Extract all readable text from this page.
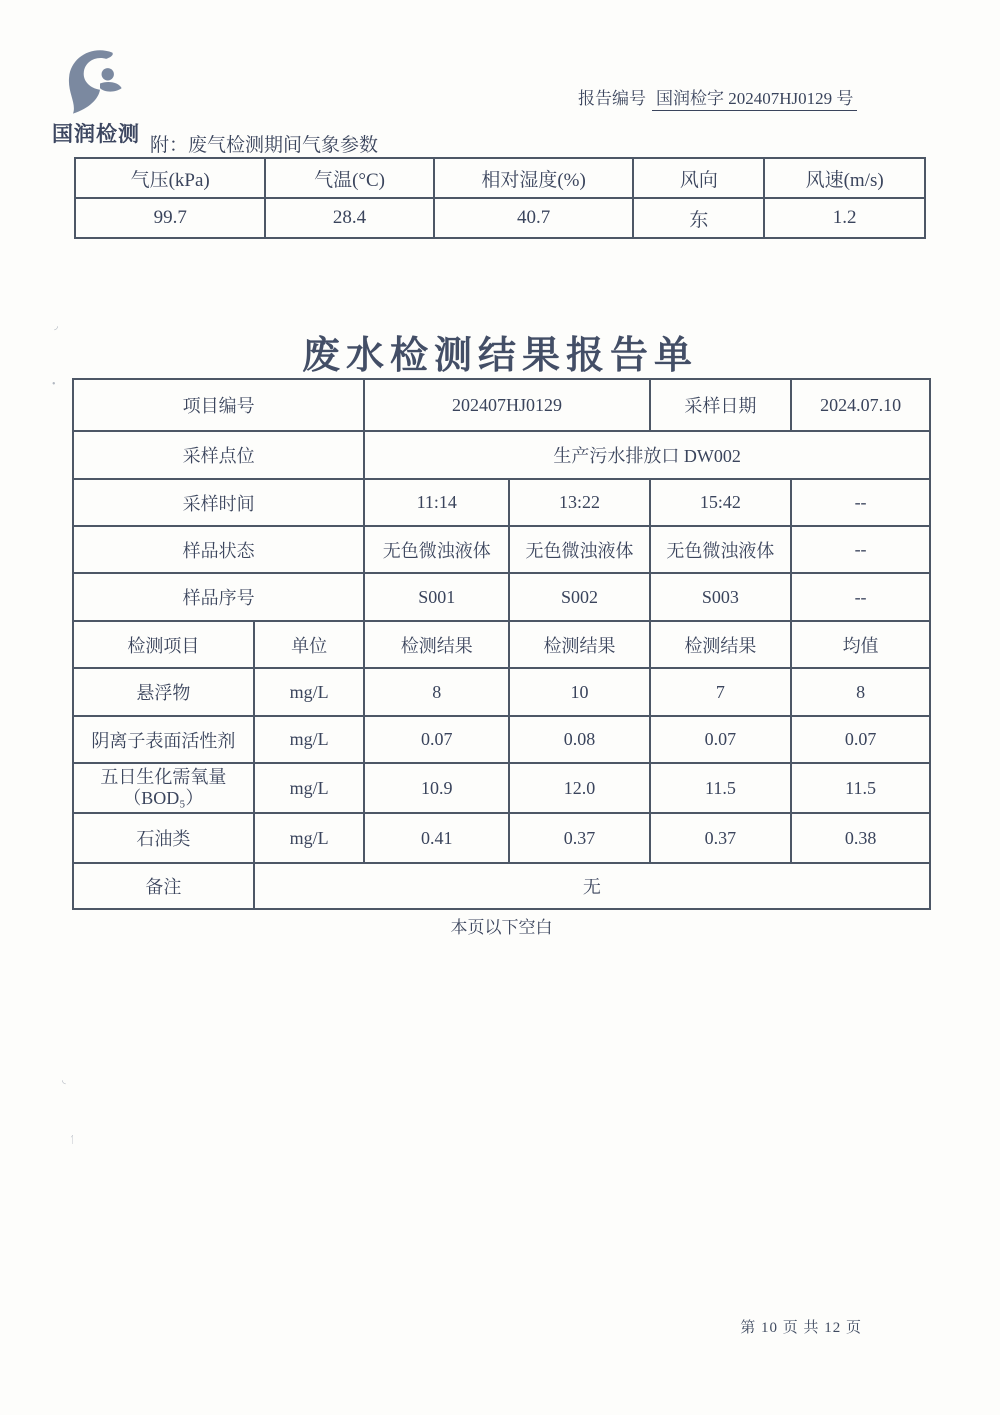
国润检测
报告编号 国润检字 202407HJ0129 号
附：废气检测期间气象参数
气压(kPa)	气温(°C)	相对湿度(%)	风向	风速(m/s)
99.7	28.4	40.7	东	1.2
废水检测结果报告单
项目编号		202407HJ0129		采样日期	2024.07.10
采样点位		生产污水排放口 DW002			
采样时间		11:14	13:22	15:42	--
样品状态		无色微浊液体	无色微浊液体	无色微浊液体	--
样品序号		S001	S002	S003	--
检测项目	单位	检测结果	检测结果	检测结果	均值
悬浮物	mg/L	8	10	7	8
阴离子表面活性剂	mg/L	0.07	0.08	0.07	0.07

五日生化需氧量
（BOD₅）	mg/L	10.9	12.0	11.5	11.5
石油类	mg/L	0.41	0.37	0.37	0.38
备注	无				
本页以下空白
第 10 页 共 12 页
◞
•
◟
ᛐ
